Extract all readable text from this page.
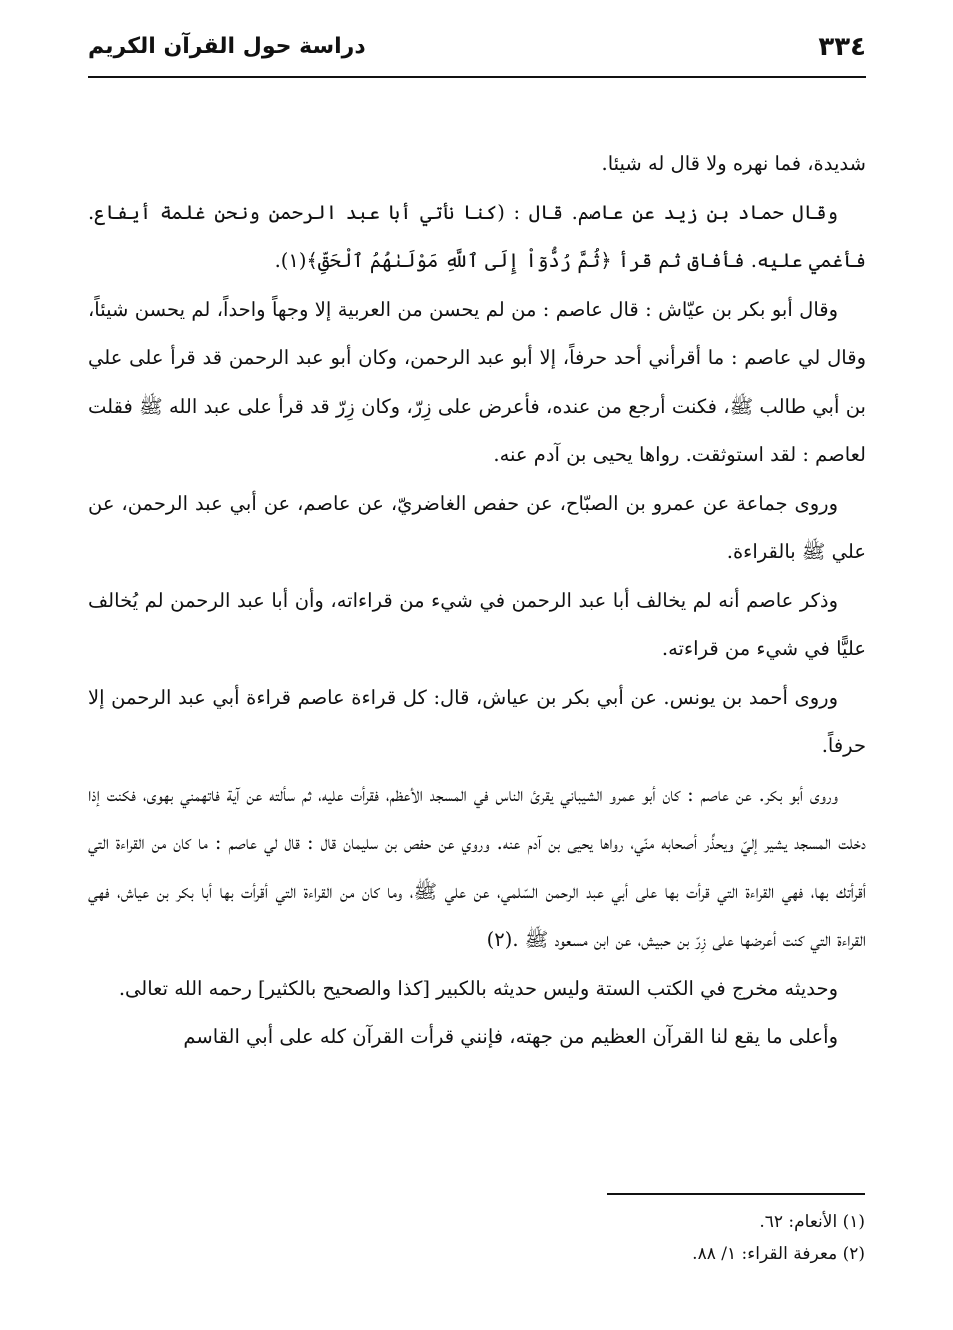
٣٣٤
دراسة حول القرآن الكريم

شديدة، فما نهره ولا قال له شيئا.

وقال حماد بن زيد عن عاصم. قال : (كنا نأتي أبا عبد الرحمن ونحن غلمة أيفاع. فأغمي عليه. فأفاق ثم قرأ ﴿ثُمَّ رُدُّوٓاْ إِلَى ٱللَّهِ مَوْلَىٰهُمُ ٱلْحَقِّ﴾(١).

وقال أبو بكر بن عيّاش : قال عاصم : من لم يحسن من العربية إلا وجهاً واحداً، لم يحسن شيئاً، وقال لي عاصم : ما أقرأني أحد حرفاً، إلا أبو عبد الرحمن، وكان أبو عبد الرحمن قد قرأ على علي بن أبي طالب ﷺ، فكنت أرجع من عنده، فأعرض على زِرّ، وكان زِرّ قد قرأ على عبد الله ﷺ فقلت لعاصم : لقد استوثقت. رواها يحيى بن آدم عنه.

وروى جماعة عن عمرو بن الصبّاح، عن حفص الغاضريّ، عن عاصم، عن أبي عبد الرحمن، عن علي ﷺ بالقراءة.

وذكر عاصم أنه لم يخالف أبا عبد الرحمن في شيء من قراءاته، وأن أبا عبد الرحمن لم يُخالف عليًّا في شيء من قراءته.

وروى أحمد بن يونس. عن أبي بكر بن عياش، قال: كل قراءة عاصم قراءة أبي عبد الرحمن إلا حرفاً.

وروى أبو بكر. عن عاصم : كان أبو عمرو الشيباني يقرئ الناس في المسجد الأعظم، فقرأت عليه، ثم سألته عن آية فاتهمني بهوى، فكنت إذا دخلت المسجد يشير إليّ ويحذِّر أصحابه منّي، رواها يحيى بن آدم عنه. وروي عن حفص بن سليمان قال : قال لي عاصم : ما كان من القراءة التي أقرأتك بها، فهي القراءة التي قرأت بها على أبي عبد الرحمن السّلمي، عن علي ﷺ، وما كان من القراءة التي أقرأت بها أبا بكر بن عياش، فهي القراءة التي كنت أعرضها على زِرّ بن حبيش، عن ابن مسعود ﷺ .(٢)

وحديثه مخرج في الكتب الستة وليس حديثه بالكبير [كذا والصحيح بالكثير] رحمه الله تعالى.

وأعلى ما يقع لنا القرآن العظيم من جهته، فإنني قرأت القرآن كله على أبي القاسم

(١) الأنعام: ٦٢.
(٢) معرفة القراء: ١/ ٨٨.
